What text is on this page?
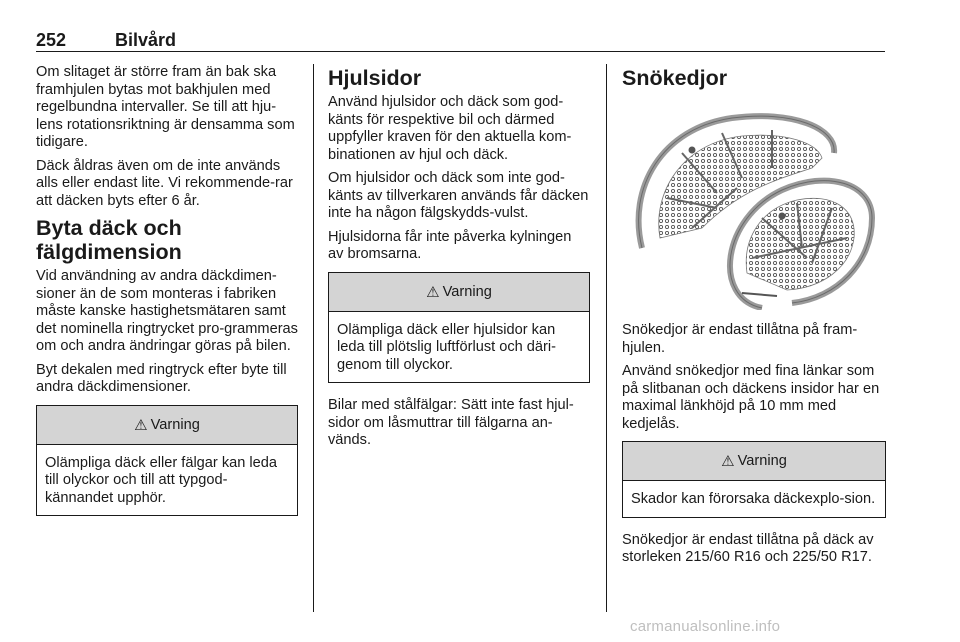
252	Bilvård

Om slitaget är större fram än bak ska framhjulen bytas mot bakhjulen med regelbundna intervaller. Se till att hju-lens rotationsriktning är densamma som tidigare.

Däck åldras även om de inte används alls eller endast lite. Vi rekommende-rar att däcken byts efter 6 år.

Byta däck och fälgdimension

Vid användning av andra däckdimen-sioner än de som monteras i fabriken måste kanske hastighetsmätaren samt det nominella ringtrycket pro-grammeras om och andra ändringar göras på bilen.

Byt dekalen med ringtryck efter byte till andra däckdimensioner.

⚠ Varning
Olämpliga däck eller fälgar kan leda till olyckor och till att typgod-kännandet upphör.
Hjulsidor

Använd hjulsidor och däck som god-känts för respektive bil och därmed uppfyller kraven för den aktuella kom-binationen av hjul och däck.

Om hjulsidor och däck som inte god-känts av tillverkaren används får däcken inte ha någon fälgskydds-vulst.

Hjulsidorna får inte påverka kylningen av bromsarna.

⚠ Varning
Olämpliga däck eller hjulsidor kan leda till plötslig luftförlust och däri-genom till olyckor.

Bilar med stålfälgar: Sätt inte fast hjul-sidor om låsmuttrar till fälgarna an-vänds.

Snökedjor

Snökedjor är endast tillåtna på fram-hjulen.

Använd snökedjor med fina länkar som på slitbanan och däckens insidor har en maximal länkhöjd på 10 mm med kedjelås.

⚠ Varning
Skador kan förorsaka däckexplo-sion.

Snökedjor är endast tillåtna på däck av storleken 215/60 R16 och 225/50 R17.

carmanualsonline.info
